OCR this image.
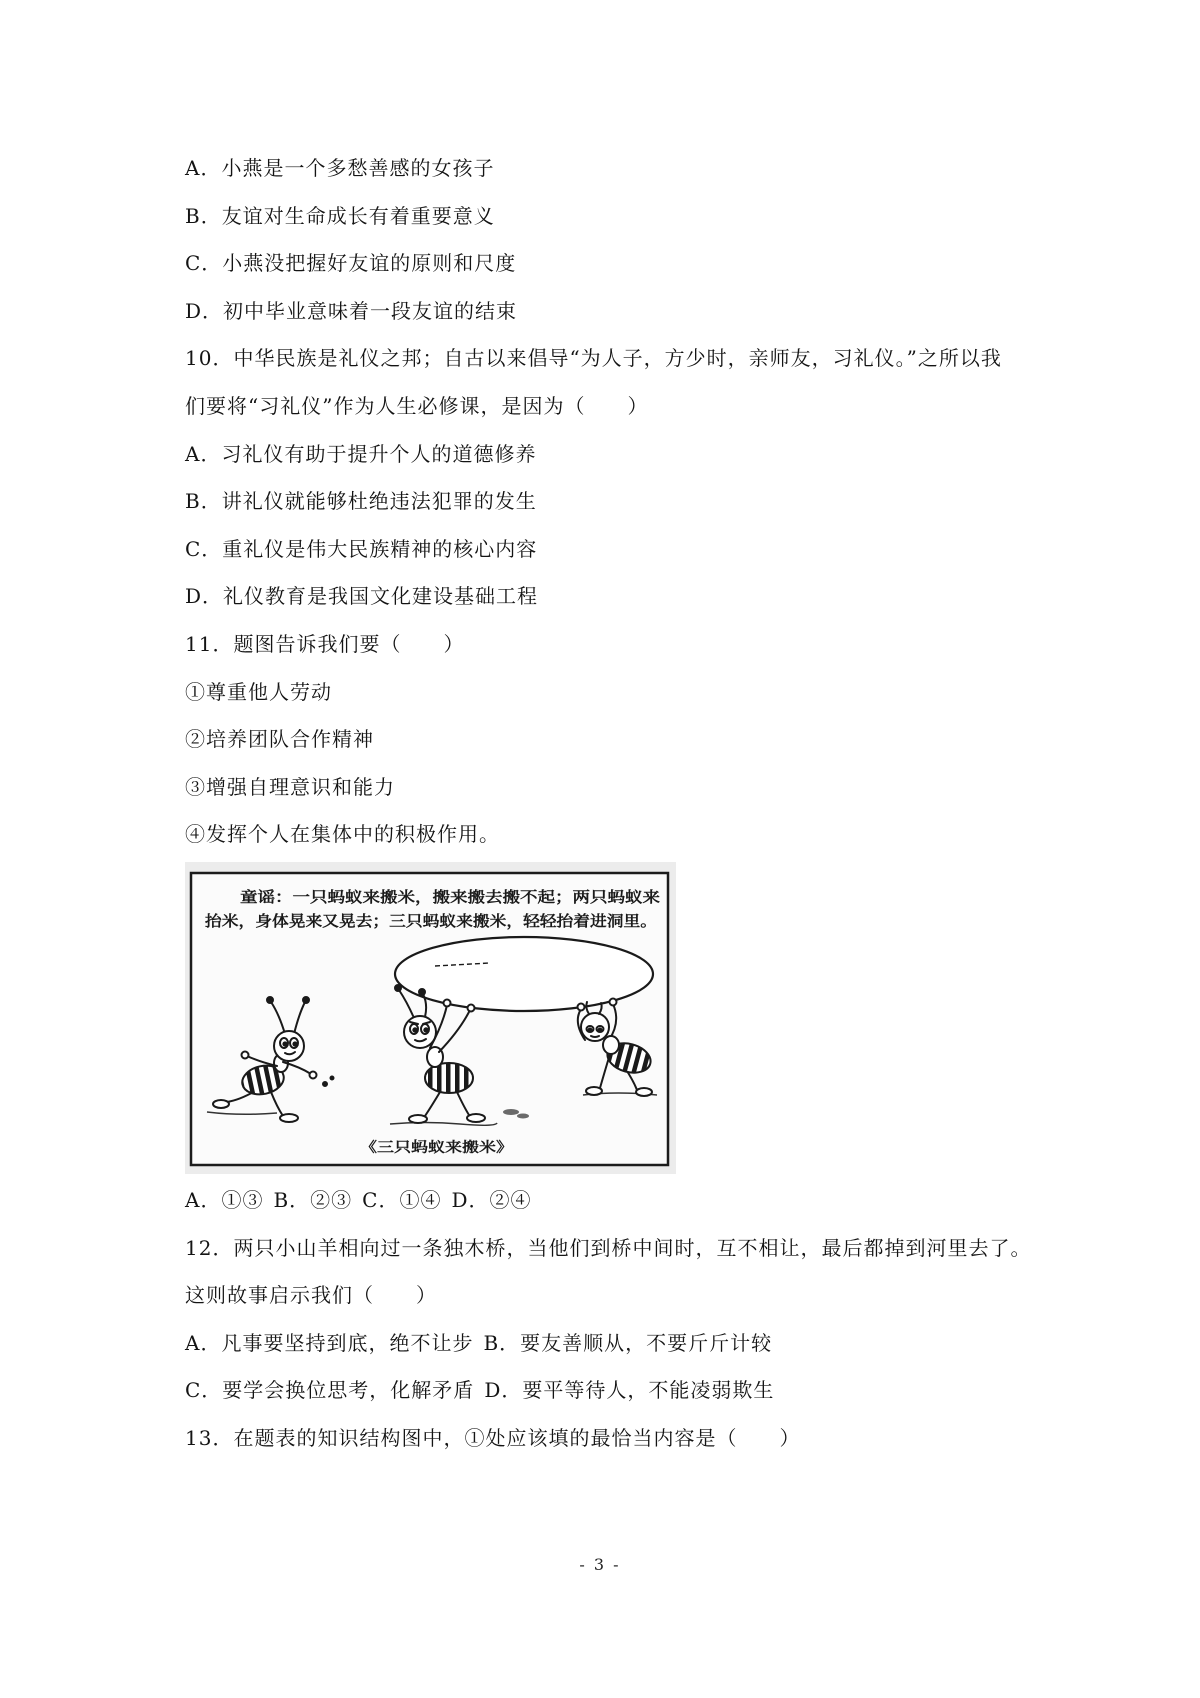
A．小燕是一个多愁善感的女孩子
B．友谊对生命成长有着重要意义
C．小燕没把握好友谊的原则和尺度
D．初中毕业意味着一段友谊的结束
10．中华民族是礼仪之邦；自古以来倡导“为人子，方少时，亲师友，习礼仪。”之所以我
们要将“习礼仪”作为人生必修课，是因为（　　）
A．习礼仪有助于提升个人的道德修养
B．讲礼仪就能够杜绝违法犯罪的发生
C．重礼仪是伟大民族精神的核心内容
D．礼仪教育是我国文化建设基础工程
11．题图告诉我们要（　　）
①尊重他人劳动
②培养团队合作精神
③增强自理意识和能力
④发挥个人在集体中的积极作用。
童谣：一只蚂蚁来搬米，搬来搬去搬不起；两只蚂蚁来
抬米，身体晃来又晃去；三只蚂蚁来搬米，轻轻抬着进洞里。
《三只蚂蚁来搬米》
A．①③ B．②③ C．①④ D．②④
12．两只小山羊相向过一条独木桥，当他们到桥中间时，互不相让，最后都掉到河里去了。
这则故事启示我们（　　）
A．凡事要坚持到底，绝不让步 B．要友善顺从，不要斤斤计较
C．要学会换位思考，化解矛盾 D．要平等待人，不能凌弱欺生
13．在题表的知识结构图中，①处应该填的最恰当内容是（　　）
- 3 -
